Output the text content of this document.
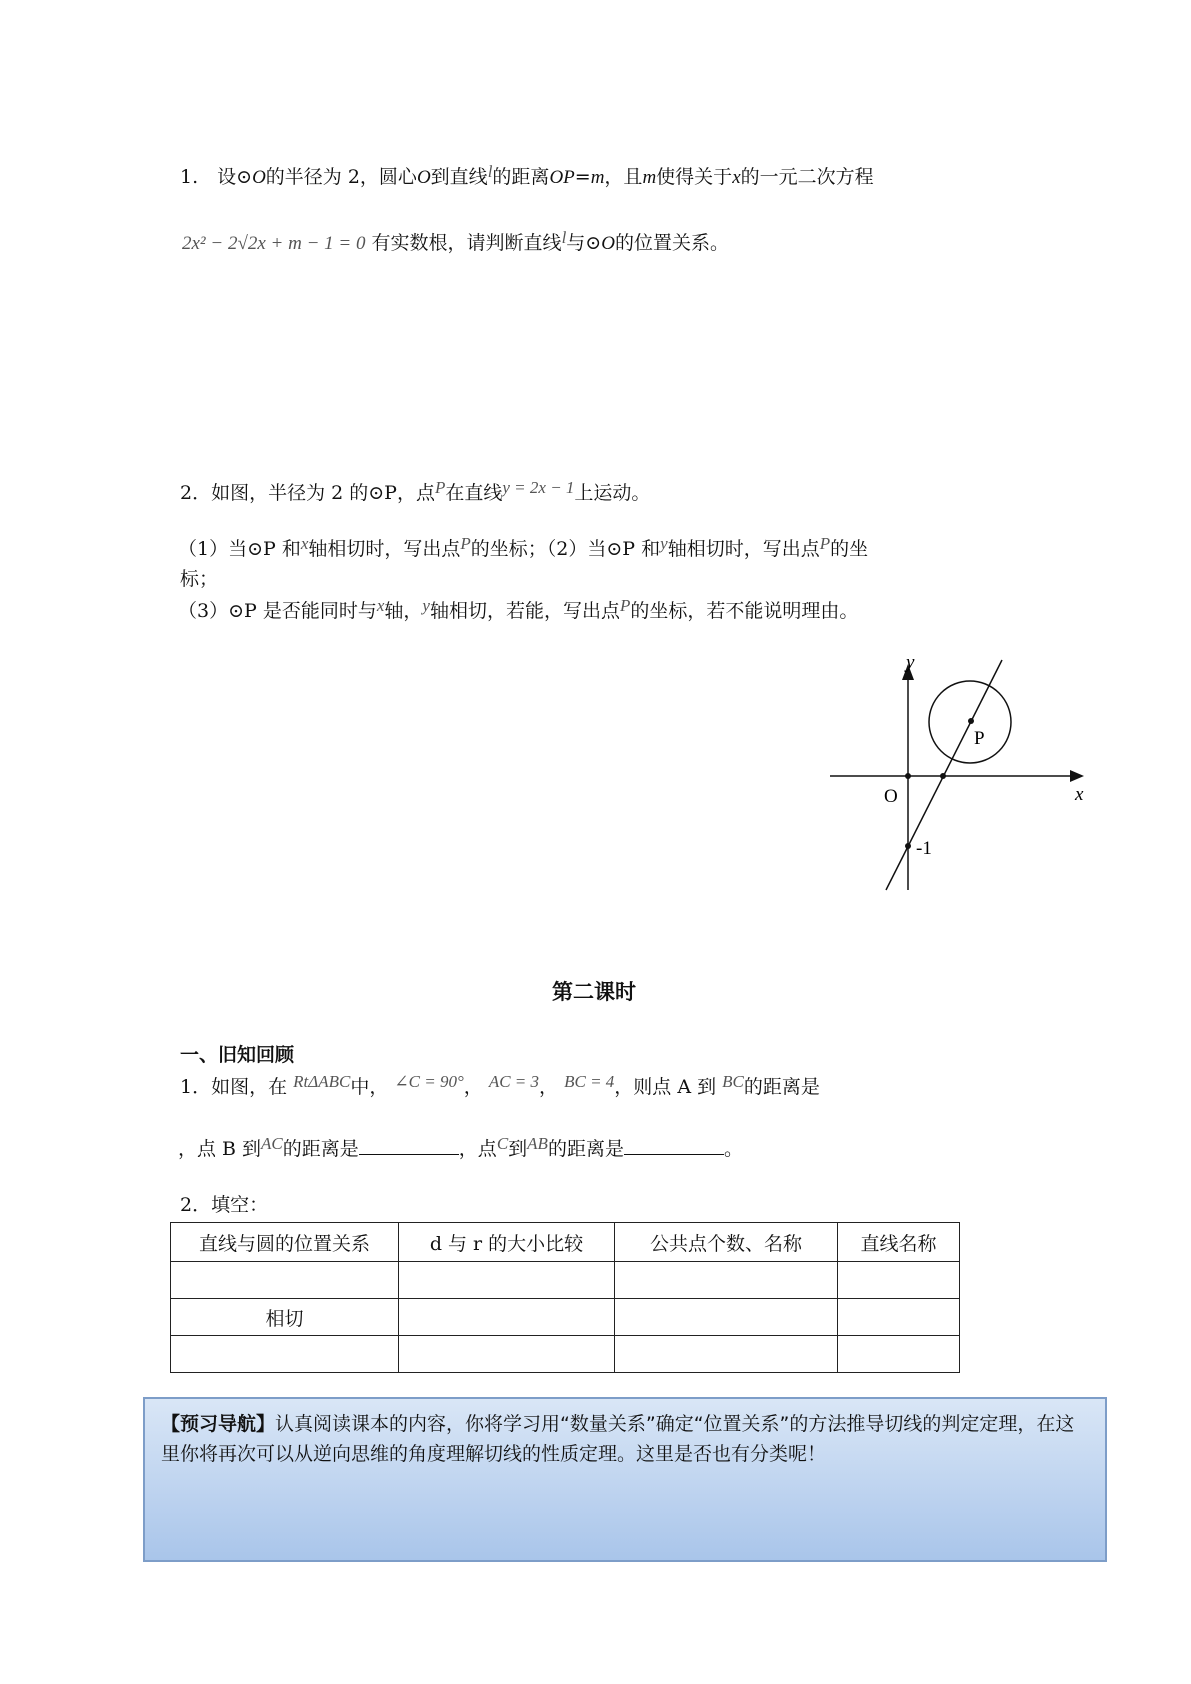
1.　设⊙O的半径为 2，圆心O到直线l的距离OP=m，且m使得关于x的一元二次方程
2x² − 2√2x + m − 1 = 0 有实数根，请判断直线l与⊙O的位置关系。
2．如图，半径为 2 的⊙P，点P在直线y = 2x − 1上运动。
（1）当⊙P 和x轴相切时，写出点P的坐标；（2）当⊙P 和y轴相切时，写出点P的坐
标；
（3）⊙P 是否能同时与x轴，y轴相切，若能，写出点P的坐标，若不能说明理由。
y
x
O
P
-1
第二课时
一、旧知回顾
1．如图，在 RtΔABC中， ∠C = 90°， AC = 3， BC = 4，则点 A 到 BC的距离是
，点 B 到AC的距离是	，点C到AB的距离是	。
2．填空：
直线与圆的位置关系	d 与 r 的大小比较	公共点个数、名称	直线名称

相切			

【预习导航】认真阅读课本的内容，你将学习用“数量关系”确定“位置关系”的方法推导切线的判定定理，在这里你将再次可以从逆向思维的角度理解切线的性质定理。这里是否也有分类呢！
